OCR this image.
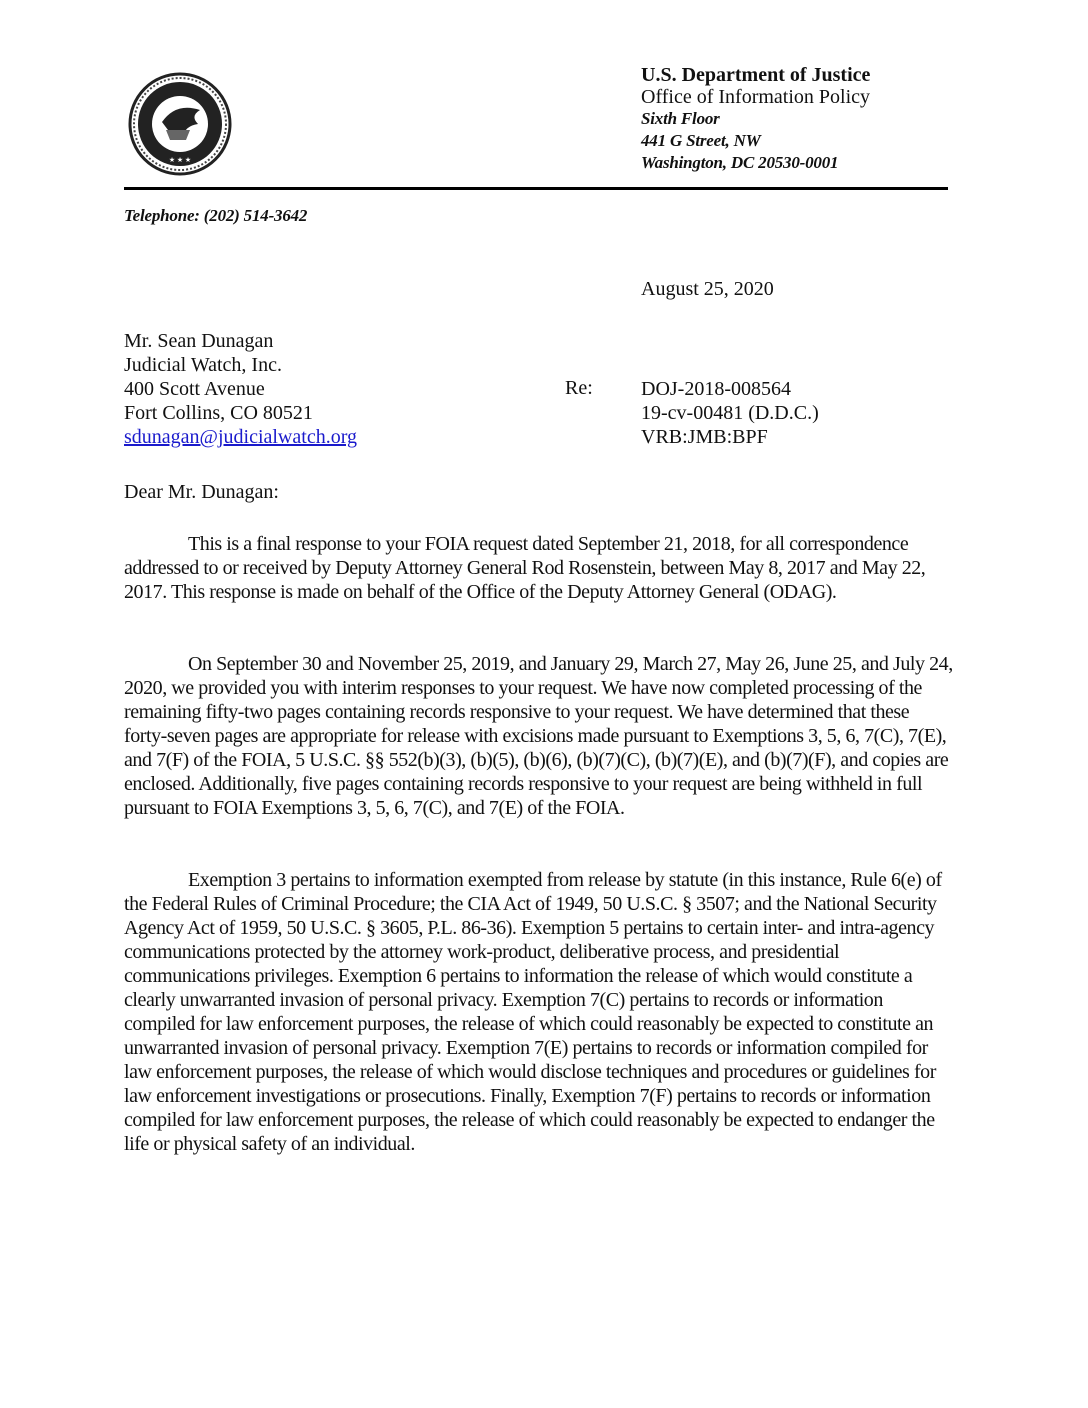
★ ★ ★
U.S. Department of Justice
Office of Information Policy
Sixth Floor
441 G Street, NW
Washington, DC 20530-0001
Telephone: (202) 514-3642
August 25, 2020
Mr. Sean Dunagan
Judicial Watch, Inc.
400 Scott Avenue
Fort Collins, CO 80521
sdunagan@judicialwatch.org
Re: DOJ-2018-008564
19-cv-00481 (D.D.C.)
VRB:JMB:BPF
Dear Mr. Dunagan:

This is a final response to your FOIA request dated September 21, 2018, for all correspondence addressed to or received by Deputy Attorney General Rod Rosenstein, between May 8, 2017 and May 22, 2017. This response is made on behalf of the Office of the Deputy Attorney General (ODAG).

On September 30 and November 25, 2019, and January 29, March 27, May 26, June 25, and July 24, 2020, we provided you with interim responses to your request. We have now completed processing of the remaining fifty-two pages containing records responsive to your request. We have determined that these forty-seven pages are appropriate for release with excisions made pursuant to Exemptions 3, 5, 6, 7(C), 7(E), and 7(F) of the FOIA, 5 U.S.C. §§ 552(b)(3), (b)(5), (b)(6), (b)(7)(C), (b)(7)(E), and (b)(7)(F), and copies are enclosed. Additionally, five pages containing records responsive to your request are being withheld in full pursuant to FOIA Exemptions 3, 5, 6, 7(C), and 7(E) of the FOIA.

Exemption 3 pertains to information exempted from release by statute (in this instance, Rule 6(e) of the Federal Rules of Criminal Procedure; the CIA Act of 1949, 50 U.S.C. § 3507; and the National Security Agency Act of 1959, 50 U.S.C. § 3605, P.L. 86-36). Exemption 5 pertains to certain inter- and intra-agency communications protected by the attorney work-product, deliberative process, and presidential communications privileges. Exemption 6 pertains to information the release of which would constitute a clearly unwarranted invasion of personal privacy. Exemption 7(C) pertains to records or information compiled for law enforcement purposes, the release of which could reasonably be expected to constitute an unwarranted invasion of personal privacy. Exemption 7(E) pertains to records or information compiled for law enforcement purposes, the release of which would disclose techniques and procedures or guidelines for law enforcement investigations or prosecutions. Finally, Exemption 7(F) pertains to records or information compiled for law enforcement purposes, the release of which could reasonably be expected to endanger the life or physical safety of an individual.
